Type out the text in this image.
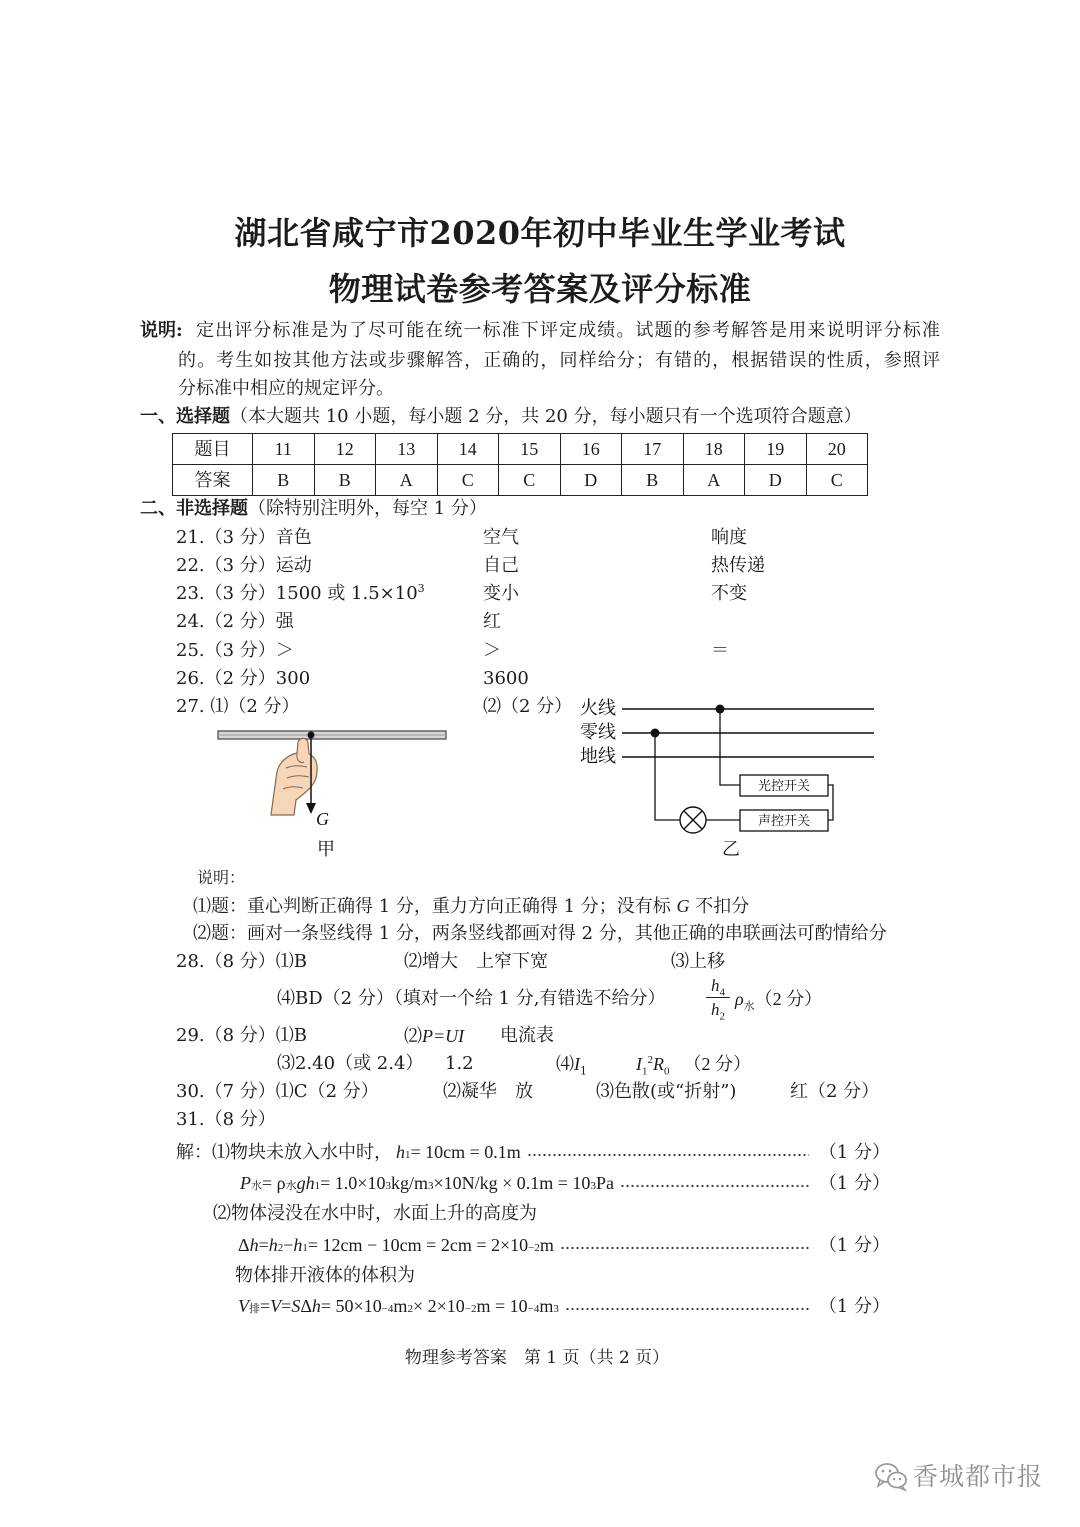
湖北省咸宁市2020年初中毕业生学业考试
物理试卷参考答案及评分标准
说明: 定出评分标准是为了尽可能在统一标准下评定成绩。试题的参考解答是用来说明评分标准
的。考生如按其他方法或步骤解答，正确的，同样给分；有错的，根据错误的性质，参照评
分标准中相应的规定评分。
一、选择题（本大题共 10 小题，每小题 2 分，共 20 分，每小题只有一个选项符合题意）
题目	11	12	13	14	15	16	17	18	19	20
答案	B	B	A	C	C	D	B	A	D	C
二、非选择题（除特别注明外，每空 1 分）
21.（3 分）音色	空气	响度
22.（3 分）运动	自己	热传递
23.（3 分）1500 或 $1.5\times 10^3$	变小	不变
24.（2 分）强	红
25.（3 分）＞	＞	＝
26.（2 分）300	3600
27. ⑴（2 分）	⑵（2 分）
G
甲
火线
零线
地线
光控开关
声控开关
乙
说明：
⑴题：重心判断正确得 1 分，重力方向正确得 1 分；没有标 G 不扣分
⑵题：画对一条竖线得 1 分，两条竖线都画对得 2 分，其他正确的串联画法可酌情给分
28.（8 分）⑴B	⑵增大　上窄下宽	⑶上移
⑷BD（2 分）（填对一个给 1 分,有错选不给分）
$h_4$
$h_2$
$\rho_水(2$ 分）
29.（8 分）⑴B	⑵P=UI 电流表
⑶2.40（或 2.4） 1.2	$⑷I_1$	$I_1^2R_0$ （2 分）
30.（7 分）⑴C（2 分）	⑵凝华　放	⑶色散(或“折射”)	红（2 分）
31.（8 分）
解：⑴物块未放入水中时， h 1 = 10cm = 0.1m	（1 分）
P 水 = ρ 水 gh 1 = 1.0×10 3 kg/m 3 ×10N/kg × 0.1m = 10 3 Pa	（1 分）
⑵物体浸没在水中时，水面上升的高度为
Δ h = h 2 − h 1 = 12cm − 10cm = 2cm = 2×10 −2 m	（1 分）
物体排开液体的体积为
V 排 = V = S Δ h = 50×10 −4 m 2 × 2×10 −2 m = 10 −4 m 3	（1 分）
物理参考答案　第 1 页（共 2 页）
香城都市报
